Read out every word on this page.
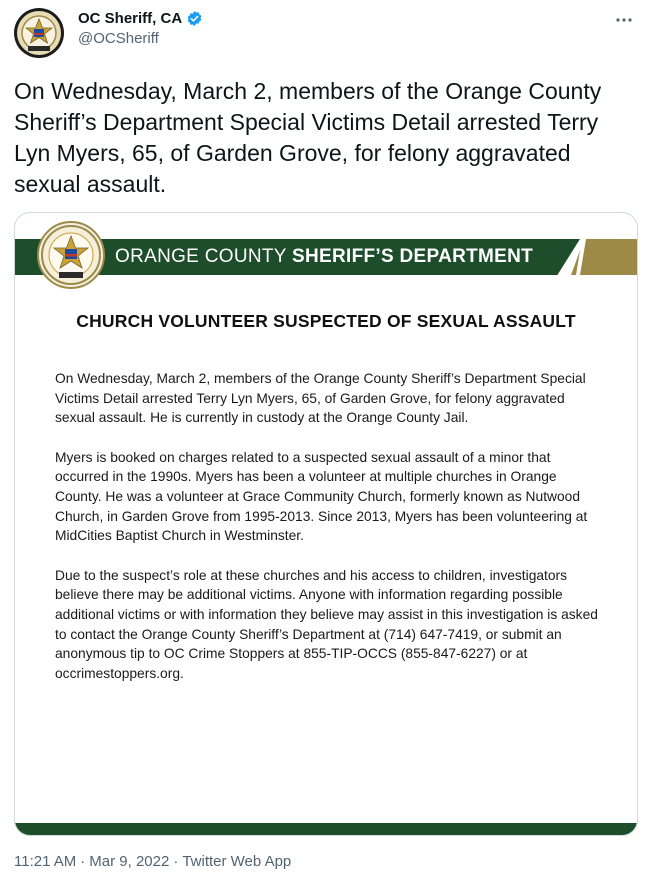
OC Sheriff, CA
@OCSheriff
On Wednesday, March 2, members of the Orange County Sheriff’s Department Special Victims Detail arrested Terry Lyn Myers, 65, of Garden Grove, for felony aggravated sexual assault.
ORANGE COUNTY SHERIFF’S DEPARTMENT
CHURCH VOLUNTEER SUSPECTED OF SEXUAL ASSAULT

On Wednesday, March 2, members of the Orange County Sheriff’s Department Special Victims Detail arrested Terry Lyn Myers, 65, of Garden Grove, for felony aggravated sexual assault. He is currently in custody at the Orange County Jail.

Myers is booked on charges related to a suspected sexual assault of a minor that occurred in the 1990s. Myers has been a volunteer at multiple churches in Orange County. He was a volunteer at Grace Community Church, formerly known as Nutwood Church, in Garden Grove from 1995-2013. Since 2013, Myers has been volunteering at MidCities Baptist Church in Westminster.

Due to the suspect’s role at these churches and his access to children, investigators believe there may be additional victims. Anyone with information regarding possible additional victims or with information they believe may assist in this investigation is asked to contact the Orange County Sheriff’s Department at (714) 647-7419, or submit an anonymous tip to OC Crime Stoppers at 855-TIP-OCCS (855-847-6227) or at occrimestoppers.org.

11:21 AM · Mar 9, 2022 · Twitter Web App
